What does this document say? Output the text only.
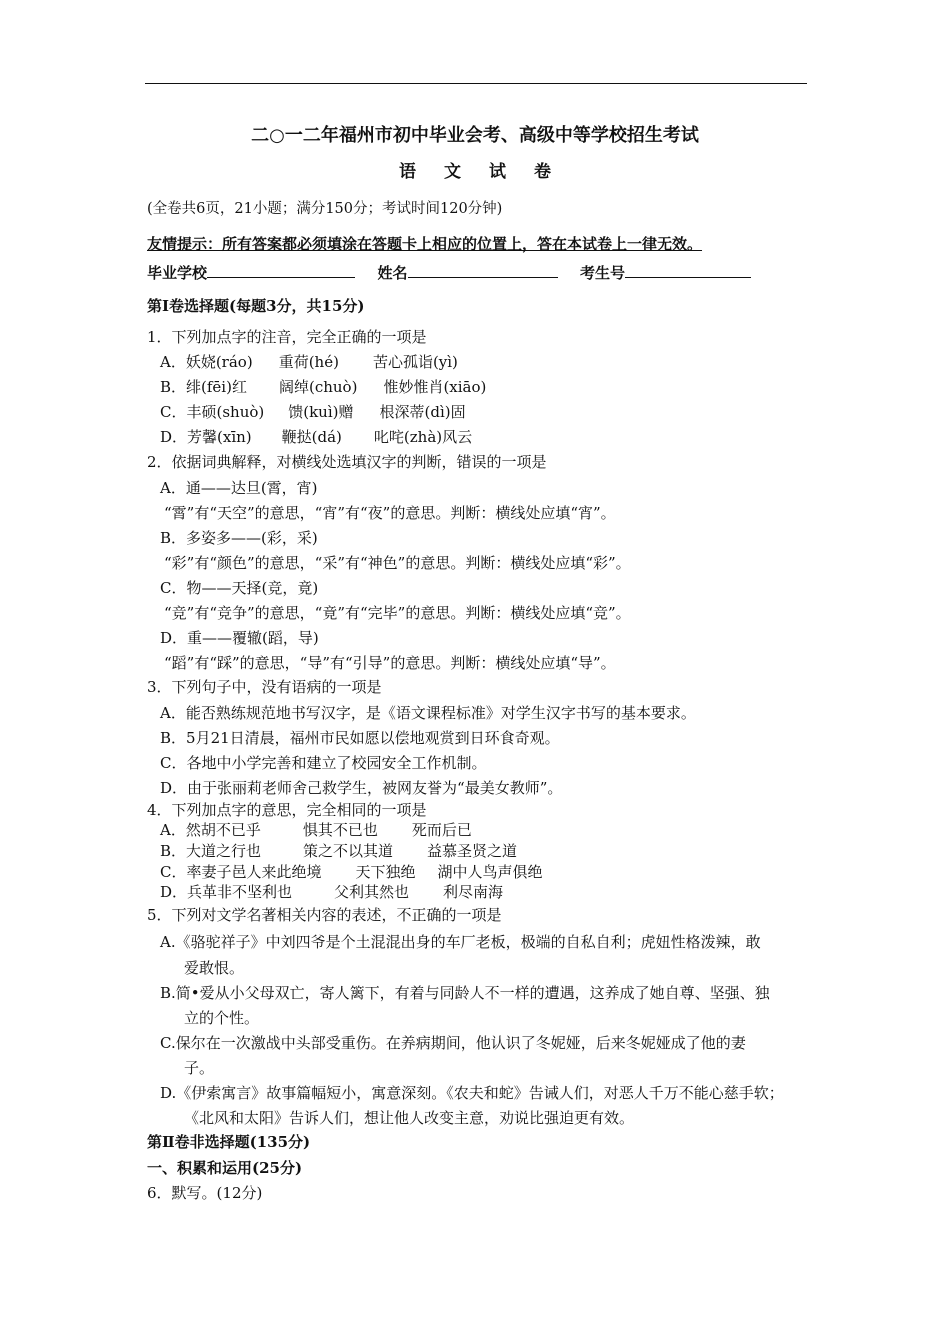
二○一二年福州市初中毕业会考、高级中等学校招生考试
语文试卷
(全卷共6页，21小题；满分150分；考试时间120分钟)
友情提示：所有答案都必须填涂在答题卡上相应的位置上，答在本试卷上一律无效。
毕业学校	姓名	考生号
第Ⅰ卷选择题(每题3分，共15分)
1．下列加点字的注音，完全正确的一项是
A．妖娆(ráo) 重荷(hé) 苦心孤诣(yì)
B．绯(fēi)红 阔绰(chuò) 惟妙惟肖(xiāo)
C．丰硕(shuò) 馈(kuì)赠 根深蒂(dì)固
D．芳馨(xīn) 鞭挞(dá) 叱咤(zhà)风云
2．依据词典解释，对横线处选填汉字的判断，错误的一项是
A．通——达旦(霄，宵)
“霄”有“天空”的意思，“宵”有“夜”的意思。判断：横线处应填“宵”。
B．多姿多——(彩，采)
“彩”有“颜色”的意思，“采”有“神色”的意思。判断：横线处应填“彩”。
C．物——天择(竞，竟)
“竞”有“竞争”的意思，“竟”有“完毕”的意思。判断：横线处应填“竞”。
D．重——覆辙(蹈，导)
“蹈”有“踩”的意思，“导”有“引导”的意思。判断：横线处应填“导”。
3．下列句子中，没有语病的一项是
A．能否熟练规范地书写汉字，是《语文课程标准》对学生汉字书写的基本要求。
B．5月21日清晨，福州市民如愿以偿地观赏到日环食奇观。
C．各地中小学完善和建立了校园安全工作机制。
D．由于张丽莉老师舍己救学生，被网友誉为“最美女教师”。
4．下列加点字的意思，完全相同的一项是
A．然胡不已乎	惧其不已也 死而后已
B．大道之行也	策之不以其道 益慕圣贤之道
C．率妻子邑人来此绝境 天下独绝 湖中人鸟声俱绝
D．兵革非不坚利也	父利其然也 利尽南海
5．下列对文学名著相关内容的表述，不正确的一项是
A.《骆驼祥子》中刘四爷是个土混混出身的车厂老板，极端的自私自利；虎妞性格泼辣，敢
爱敢恨。
B.简•爱从小父母双亡，寄人篱下，有着与同龄人不一样的遭遇，这养成了她自尊、坚强、独
立的个性。
C.保尔在一次激战中头部受重伤。在养病期间，他认识了冬妮娅，后来冬妮娅成了他的妻
子。
D.《伊索寓言》故事篇幅短小，寓意深刻。《农夫和蛇》告诫人们，对恶人千万不能心慈手软；
《北风和太阳》告诉人们，想让他人改变主意，劝说比强迫更有效。
第Ⅱ卷非选择题(135分)
一、积累和运用(25分)
6．默写。(12分)
